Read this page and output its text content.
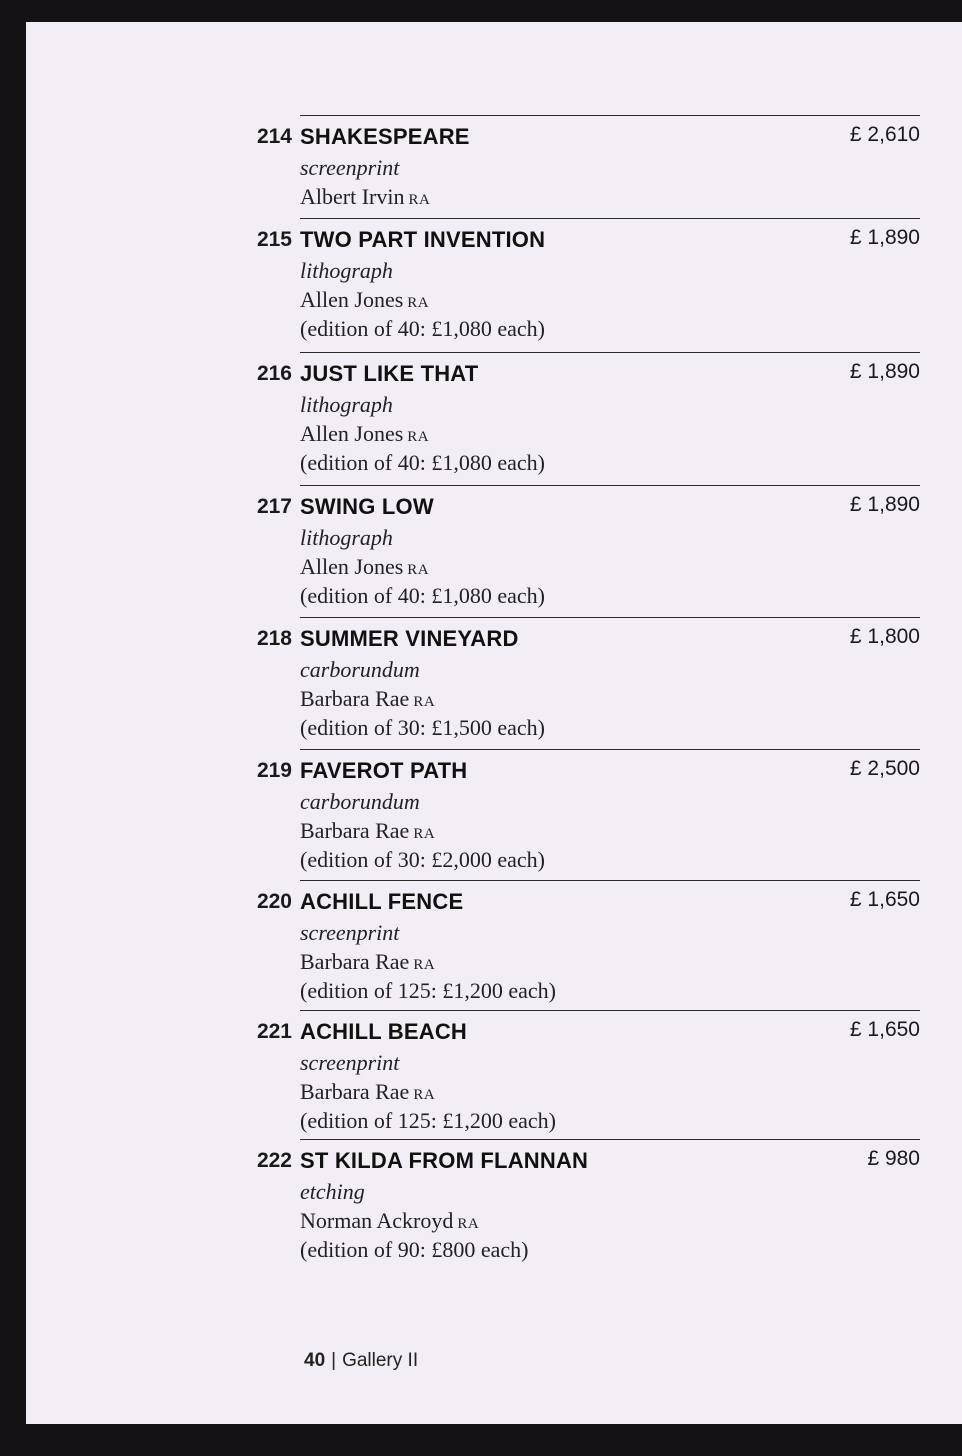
214 SHAKESPEARE	£ 2,610
screenprint
Albert Irvin RA
215 TWO PART INVENTION	£ 1,890
lithograph
Allen Jones RA
(edition of 40: £1,080 each)
216 JUST LIKE THAT	£ 1,890
lithograph
Allen Jones RA
(edition of 40: £1,080 each)
217 SWING LOW	£ 1,890
lithograph
Allen Jones RA
(edition of 40: £1,080 each)
218 SUMMER VINEYARD	£ 1,800
carborundum
Barbara Rae RA
(edition of 30: £1,500 each)
219 FAVEROT PATH	£ 2,500
carborundum
Barbara Rae RA
(edition of 30: £2,000 each)
220 ACHILL FENCE	£ 1,650
screenprint
Barbara Rae RA
(edition of 125: £1,200 each)
221 ACHILL BEACH	£ 1,650
screenprint
Barbara Rae RA
(edition of 125: £1,200 each)
222 ST KILDA FROM FLANNAN	£ 980
etching
Norman Ackroyd RA
(edition of 90: £800 each)
40 | Gallery II
